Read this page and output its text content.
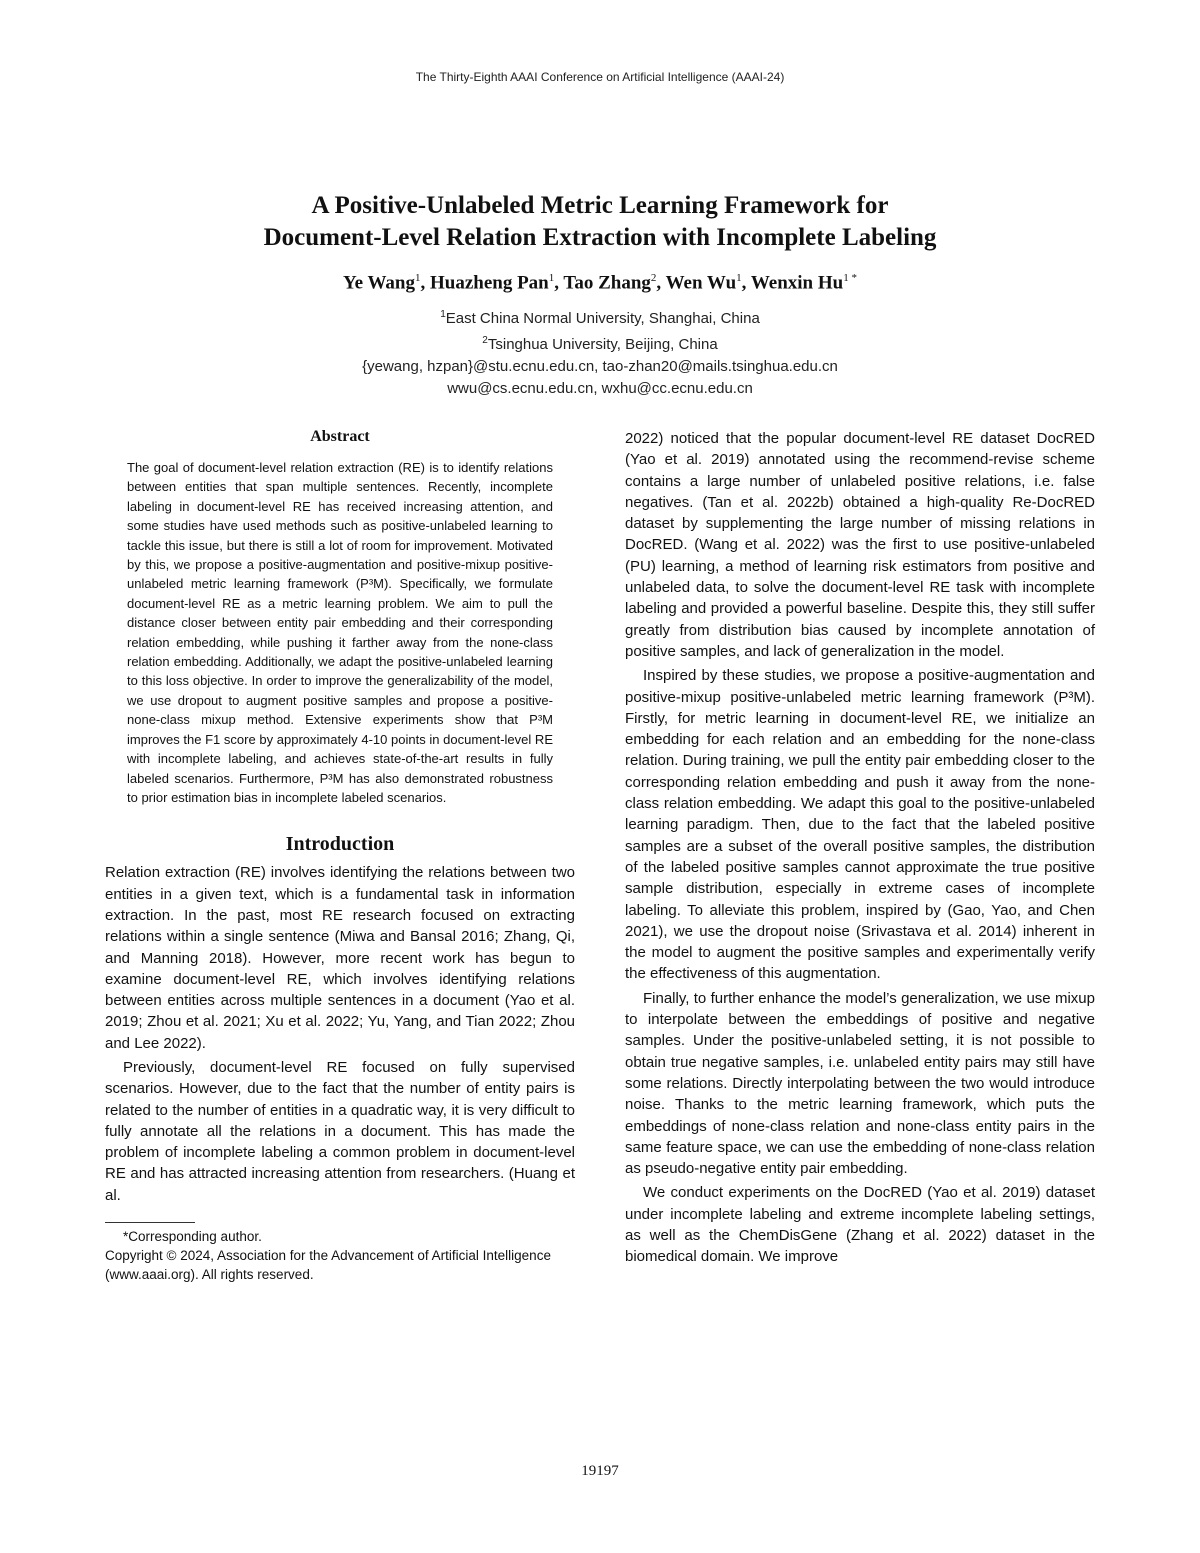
The Thirty-Eighth AAAI Conference on Artificial Intelligence (AAAI-24)
A Positive-Unlabeled Metric Learning Framework for
Document-Level Relation Extraction with Incomplete Labeling
Ye Wang$^1$, Huazheng Pan$^1$, Tao Zhang$^2$, Wen Wu$^1$, Wenxin $Hu^{1 *}$
$^1$East China Normal University, Shanghai, China
$^2$Tsinghua University, Beijing, China
{yewang, hzpan}@stu.ecnu.edu.cn, tao-zhan20@mails.tsinghua.edu.cn
wwu@cs.ecnu.edu.cn, wxhu@cc.ecnu.edu.cn
Abstract

The goal of document-level relation extraction (RE) is to identify relations between entities that span multiple sentences. Recently, incomplete labeling in document-level RE has received increasing attention, and some studies have used methods such as positive-unlabeled learning to tackle this issue, but there is still a lot of room for improvement. Motivated by this, we propose a positive-augmentation and positive-mixup positive-unlabeled metric learning framework (P³M). Specifically, we formulate document-level RE as a metric learning problem. We aim to pull the distance closer between entity pair embedding and their corresponding relation embedding, while pushing it farther away from the none-class relation embedding. Additionally, we adapt the positive-unlabeled learning to this loss objective. In order to improve the generalizability of the model, we use dropout to augment positive samples and propose a positive-none-class mixup method. Extensive experiments show that P³M improves the F1 score by approximately 4-10 points in document-level RE with incomplete labeling, and achieves state-of-the-art results in fully labeled scenarios. Furthermore, P³M has also demonstrated robustness to prior estimation bias in incomplete labeled scenarios.

Introduction

Relation extraction (RE) involves identifying the relations between two entities in a given text, which is a fundamental task in information extraction. In the past, most RE research focused on extracting relations within a single sentence (Miwa and Bansal 2016; Zhang, Qi, and Manning 2018). However, more recent work has begun to examine document-level RE, which involves identifying relations between entities across multiple sentences in a document (Yao et al. 2019; Zhou et al. 2021; Xu et al. 2022; Yu, Yang, and Tian 2022; Zhou and Lee 2022).

Previously, document-level RE focused on fully supervised scenarios. However, due to the fact that the number of entity pairs is related to the number of entities in a quadratic way, it is very difficult to fully annotate all the relations in a document. This has made the problem of incomplete labeling a common problem in document-level RE and has attracted increasing attention from researchers. (Huang et al.

*Corresponding author.

Copyright © 2024, Association for the Advancement of Artificial Intelligence (www.aaai.org). All rights reserved.

2022) noticed that the popular document-level RE dataset DocRED (Yao et al. 2019) annotated using the recommend-revise scheme contains a large number of unlabeled positive relations, i.e. false negatives. (Tan et al. 2022b) obtained a high-quality Re-DocRED dataset by supplementing the large number of missing relations in DocRED. (Wang et al. 2022) was the first to use positive-unlabeled (PU) learning, a method of learning risk estimators from positive and unlabeled data, to solve the document-level RE task with incomplete labeling and provided a powerful baseline. Despite this, they still suffer greatly from distribution bias caused by incomplete annotation of positive samples, and lack of generalization in the model.

Inspired by these studies, we propose a positive-augmentation and positive-mixup positive-unlabeled metric learning framework (P³M). Firstly, for metric learning in document-level RE, we initialize an embedding for each relation and an embedding for the none-class relation. During training, we pull the entity pair embedding closer to the corresponding relation embedding and push it away from the none-class relation embedding. We adapt this goal to the positive-unlabeled learning paradigm. Then, due to the fact that the labeled positive samples are a subset of the overall positive samples, the distribution of the labeled positive samples cannot approximate the true positive sample distribution, especially in extreme cases of incomplete labeling. To alleviate this problem, inspired by (Gao, Yao, and Chen 2021), we use the dropout noise (Srivastava et al. 2014) inherent in the model to augment the positive samples and experimentally verify the effectiveness of this augmentation.

Finally, to further enhance the model’s generalization, we use mixup to interpolate between the embeddings of positive and negative samples. Under the positive-unlabeled setting, it is not possible to obtain true negative samples, i.e. unlabeled entity pairs may still have some relations. Directly interpolating between the two would introduce noise. Thanks to the metric learning framework, which puts the embeddings of none-class relation and none-class entity pairs in the same feature space, we can use the embedding of none-class relation as pseudo-negative entity pair embedding.

We conduct experiments on the DocRED (Yao et al. 2019) dataset under incomplete labeling and extreme incomplete labeling settings, as well as the ChemDisGene (Zhang et al. 2022) dataset in the biomedical domain. We improve

19197
